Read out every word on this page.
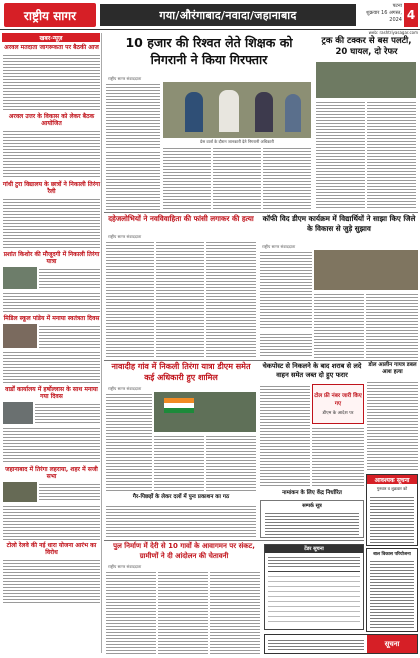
राष्ट्रीय सागर	गया/औरंगाबाद/नवादा/जहानाबाद
पटना
शुक्रवार 16 अगस्त, 2024 4
web: rashtriyasagar.com
खबर-न्यूज़
अरवल मतदाता जागरूकता पर बैठकी आज
अरवल उत्तर के विकास को लेकर बैठक आयोजित
गांधी टुरा विद्यालय के छात्रों ने निकाली तिरंगा रैली
प्रशांत किशोर की मौजूदगी में निकाली तिरंगा यात्रा
मिडिल स्कूल पांडेय में मनाया स्वतंत्रता दिवस
वार्डों कार्यालय में हर्षोल्लास के साथ मनाया गया दिवस
जहानाबाद में तिरंगा लहराया, शहर में सजी सभा
टोलो रेलवे की नई धारा योजना आरंभ का विरोध
10 हजार की रिश्वत लेते शिक्षक को निगरानी ने किया गिरफ्तार
राष्ट्रीय सागर संवाददाता
प्रेस वार्ता के दौरान जानकारी देते निगरानी अधिकारी
ट्रक की टक्कर से बस पलटी, 20 घायल, दो रेफर
दहेजलोभियों ने नवविवाहिता की फांसी लगाकर की हत्या
राष्ट्रीय सागर संवाददाता
कॉफी विद डीएम कार्यक्रम में विद्यार्थियों ने साझा किए जिले के विकास से जुड़े सुझाव
राष्ट्रीय सागर संवाददाता
नावादीह गांव में निकली तिरंगा यात्रा डीएम समेत कई अधिकारी हुए शामिल
राष्ट्रीय सागर संवाददाता
चेकपोस्ट से निकलने के बाद शराब से लदे वाहन समेत जब्त दो हुए फरार
टोल फ्री नंबर जारी किए गए
डीएम के आदेश पर
डोल आलीन गायत्र डबल आश हत्या
आवश्यक सूचना
गुरुवार व शुक्रवार को
गैर-पिछड़ों के लेकर दलों में पुनः प्रकाशन का गठ
नामांकन के लिए केंद्र निर्धारित
सम्पर्क सूत्र
पुल निर्माण में देरी से 10 गावों के आवागमन पर संकट, ग्रामीणों ने दी आंदोलन की चेतावनी
राष्ट्रीय सागर संवाददाता
टेंडर सूचना
बाल विकास परियोजना
सूचना
